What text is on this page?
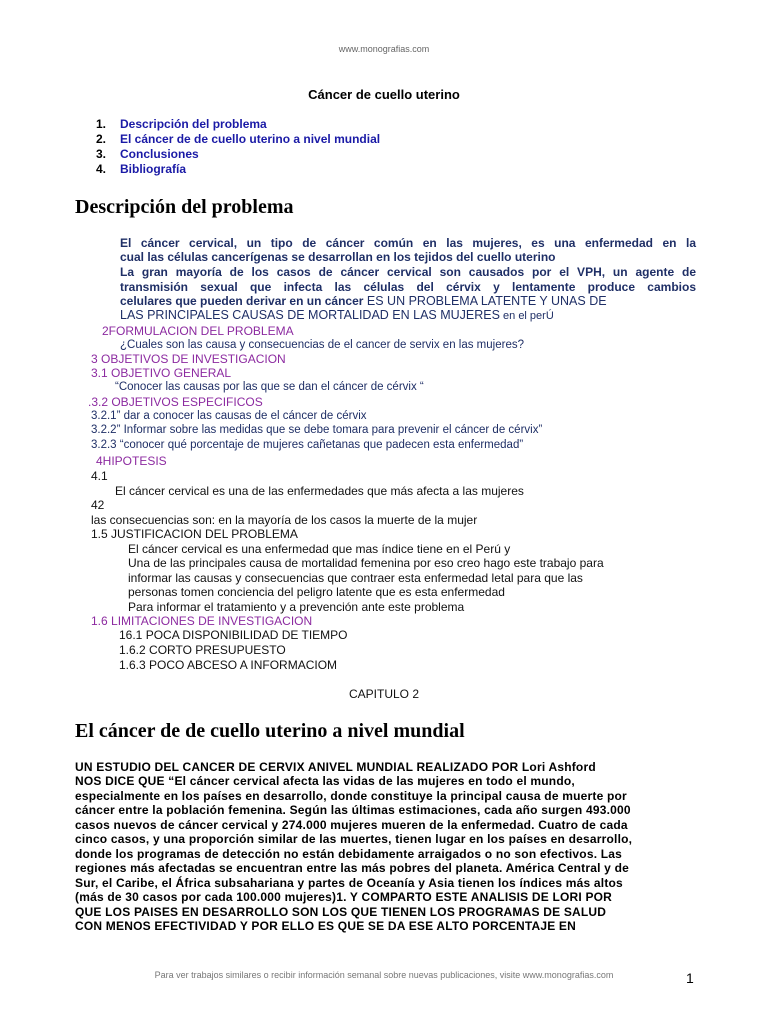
www.monografias.com
Cáncer de cuello uterino
1. Descripción del problema
2. El cáncer de de cuello uterino a nivel mundial
3. Conclusiones
4. Bibliografía
Descripción del problema
El cáncer cervical, un tipo de cáncer común en las mujeres, es una enfermedad en la
cual las células cancerígenas se desarrollan en los tejidos del cuello uterino
La gran mayoría de los casos de cáncer cervical son causados por el VPH, un agente de
transmisión sexual que infecta las células del cérvix y lentamente produce cambios
celulares que pueden derivar en un cáncer ES UN PROBLEMA LATENTE Y UNAS DE
LAS PRINCIPALES CAUSAS DE MORTALIDAD EN LAS MUJERES en el perÚ
2FORMULACION DEL PROBLEMA
¿Cuales son las causa y consecuencias de el cancer de servix en las mujeres?
3 OBJETIVOS DE INVESTIGACION
3.1 OBJETIVO GENERAL
“Conocer las causas por las que se dan el cáncer de cérvix “
.3.2 OBJETIVOS ESPECIFICOS
3.2.1” dar a conocer las causas de el cáncer de cérvix
3.2.2” Informar sobre las medidas que se debe tomara para prevenir el cáncer de cérvix”
3.2.3 “conocer qué porcentaje de mujeres cañetanas que padecen esta enfermedad”
4HIPOTESIS
4.1
El cáncer cervical es una de las enfermedades que más afecta a las mujeres
42
las consecuencias son: en la mayoría de los casos la muerte de la mujer
1.5 JUSTIFICACION DEL PROBLEMA
El cáncer cervical es una enfermedad que mas índice tiene en el Perú y
Una de las principales causa de mortalidad femenina por eso creo hago este trabajo para
informar las causas y consecuencias que contraer esta enfermedad letal para que las
personas tomen conciencia del peligro latente que es esta enfermedad
Para informar el tratamiento y a prevención ante este problema
1.6 LIMITACIONES DE INVESTIGACION
16.1 POCA DISPONIBILIDAD DE TIEMPO
1.6.2 CORTO PRESUPUESTO
1.6.3 POCO ABCESO A INFORMACIOM
CAPITULO 2
El cáncer de de cuello uterino a nivel mundial
UN ESTUDIO DEL CANCER DE CERVIX ANIVEL MUNDIAL REALIZADO POR Lori Ashford
NOS DICE QUE “El cáncer cervical afecta las vidas de las mujeres en todo el mundo,
especialmente en los países en desarrollo, donde constituye la principal causa de muerte por
cáncer entre la población femenina. Según las últimas estimaciones, cada año surgen 493.000
casos nuevos de cáncer cervical y 274.000 mujeres mueren de la enfermedad. Cuatro de cada
cinco casos, y una proporción similar de las muertes, tienen lugar en los países en desarrollo,
donde los programas de detección no están debidamente arraigados o no son efectivos. Las
regiones más afectadas se encuentran entre las más pobres del planeta. América Central y de
Sur, el Caribe, el África subsahariana y partes de Oceanía y Asia tienen los índices más altos
(más de 30 casos por cada 100.000 mujeres)1. Y COMPARTO ESTE ANALISIS DE LORI POR
QUE LOS PAISES EN DESARROLLO SON LOS QUE TIENEN LOS PROGRAMAS DE SALUD
CON MENOS EFECTIVIDAD Y POR ELLO ES QUE SE DA ESE ALTO PORCENTAJE EN
Para ver trabajos similares o recibir información semanal sobre nuevas publicaciones, visite www.monografias.com	1
